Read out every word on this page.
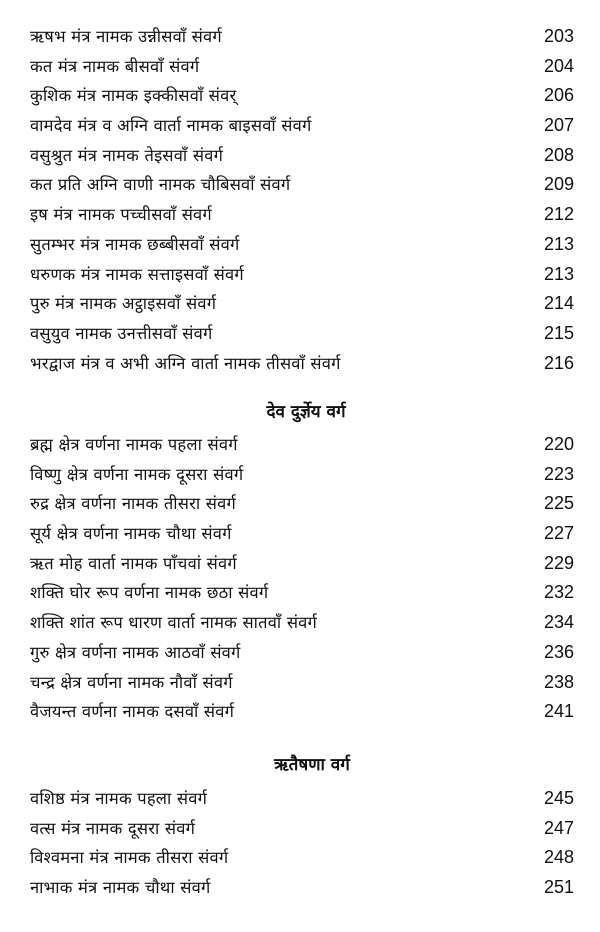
ऋषभ मंत्र नामक उन्नीसवाँ संवर्ग	203
कत मंत्र नामक बीसवाँ संवर्ग	204
कुशिक मंत्र नामक इक्कीसवाँ संवर्	206
वामदेव मंत्र व अग्नि वार्ता नामक बाइसवाँ संवर्ग	207
वसुश्रुत मंत्र नामक तेइसवाँ संवर्ग	208
कत प्रति अग्नि वाणी नामक चौबिसवाँ संवर्ग	209
इष मंत्र नामक पच्चीसवाँ संवर्ग	212
सुतम्भर मंत्र नामक छब्बीसवाँ संवर्ग	213
धरुणक मंत्र नामक सत्ताइसवाँ संवर्ग	213
पुरु मंत्र नामक अट्ठाइसवाँ संवर्ग	214
वसुयुव नामक उनत्तीसवाँ संवर्ग	215
भरद्वाज मंत्र व अभी अग्नि वार्ता नामक तीसवाँ संवर्ग	216
देव दुर्ज्ञेय वर्ग
ब्रह्म क्षेत्र वर्णना नामक पहला संवर्ग	220
विष्णु क्षेत्र वर्णना नामक दूसरा संवर्ग	223
रुद्र क्षेत्र वर्णना नामक तीसरा संवर्ग	225
सूर्य क्षेत्र वर्णना नामक चौथा संवर्ग	227
ऋत मोह वार्ता नामक पाँचवां संवर्ग	229
शक्ति घोर रूप वर्णना नामक छठा संवर्ग	232
शक्ति शांत रूप धारण वार्ता नामक सातवाँ संवर्ग	234
गुरु क्षेत्र वर्णना नामक आठवाँ संवर्ग	236
चन्द्र क्षेत्र वर्णना नामक नौवाँ संवर्ग	238
वैजयन्त वर्णना नामक दसवाँ संवर्ग	241
ऋतैषणा वर्ग
वशिष्ठ मंत्र नामक पहला संवर्ग	245
वत्स मंत्र नामक दूसरा संवर्ग	247
विश्वमना मंत्र नामक तीसरा संवर्ग	248
नाभाक मंत्र नामक चौथा संवर्ग	251
